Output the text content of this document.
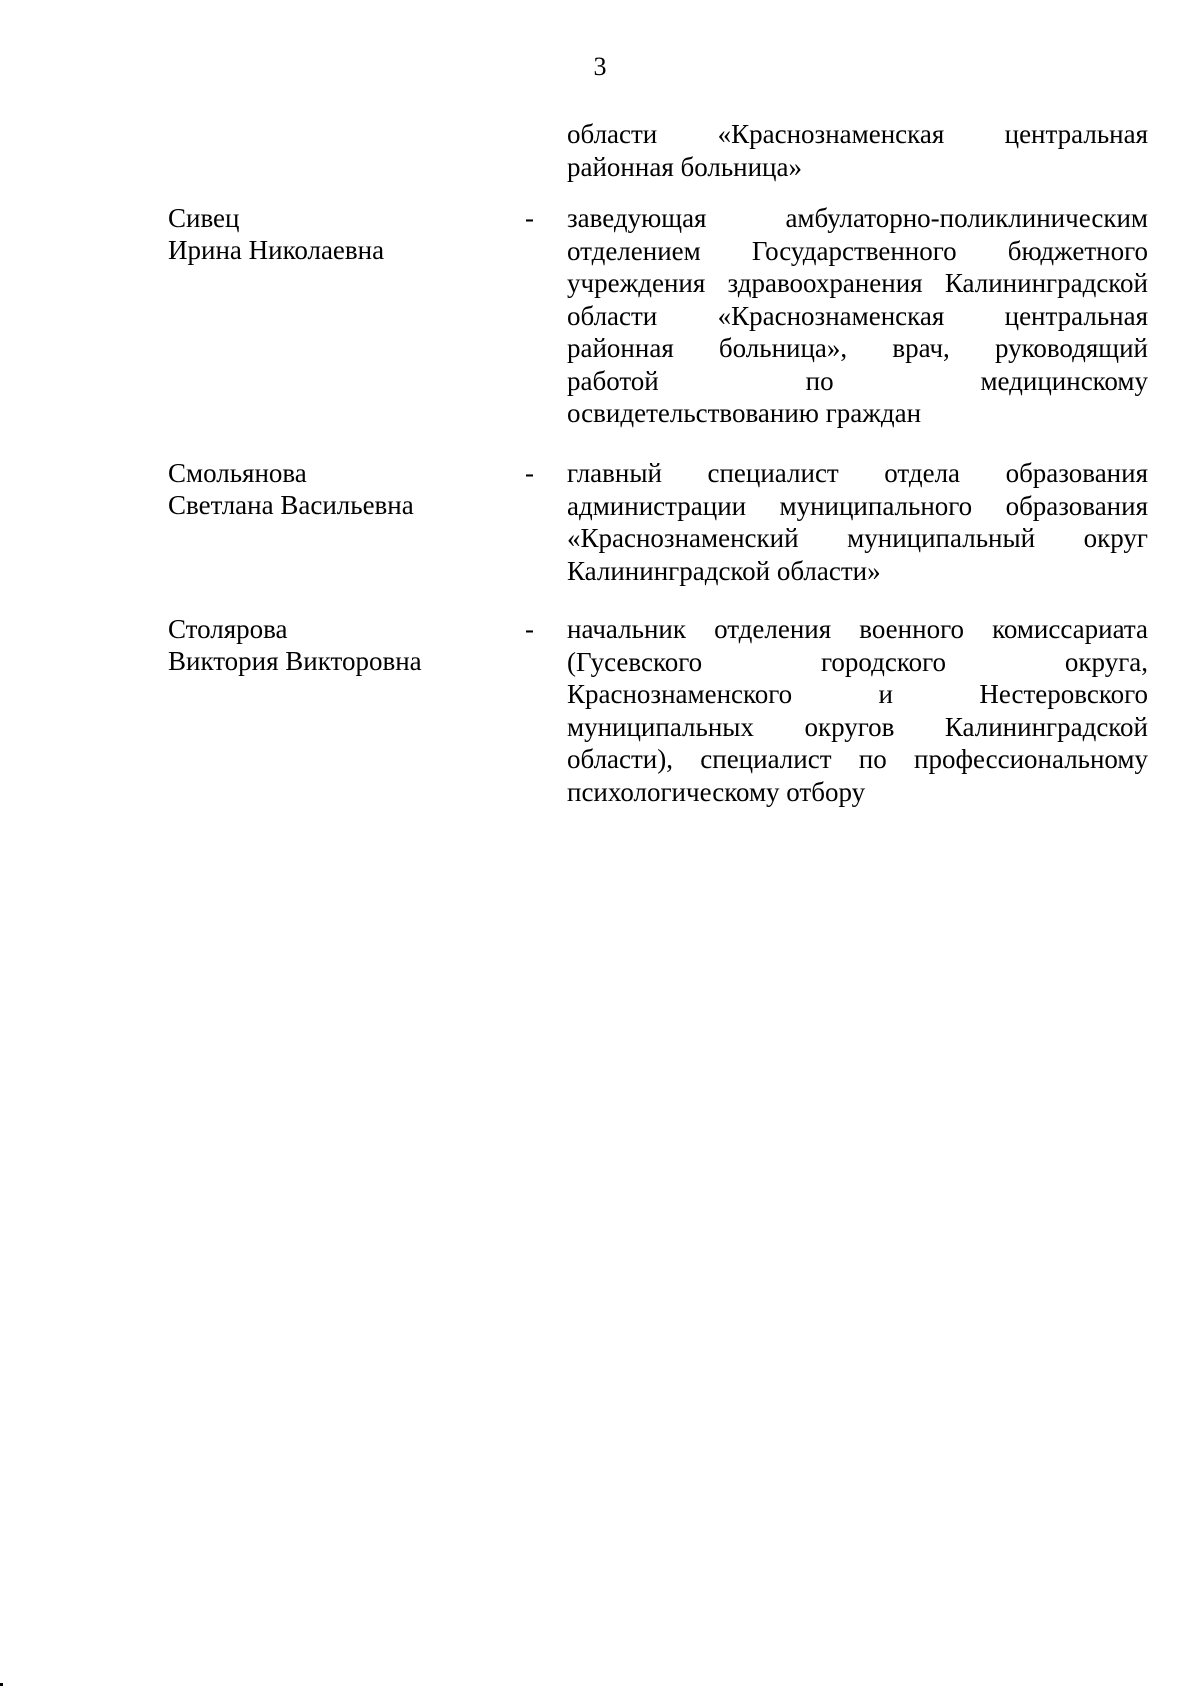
3
области «Краснознаменская центральная
районная больница»
Сивец
Ирина Николаевна
- заведующая амбулаторно-поликлиническим
отделением Государственного бюджетного
учреждения здравоохранения Калининградской
области «Краснознаменская центральная
районная больница», врач, руководящий
работой по медицинскому
освидетельствованию граждан
Смольянова
Светлана Васильевна
- главный специалист отдела образования
администрации муниципального образования
«Краснознаменский муниципальный округ
Калининградской области»
Столярова
Виктория Викторовна
- начальник отделения военного комиссариата
(Гусевского городского округа,
Краснознаменского и Нестеровского
муниципальных округов Калининградской
области), специалист по профессиональному
психологическому отбору
